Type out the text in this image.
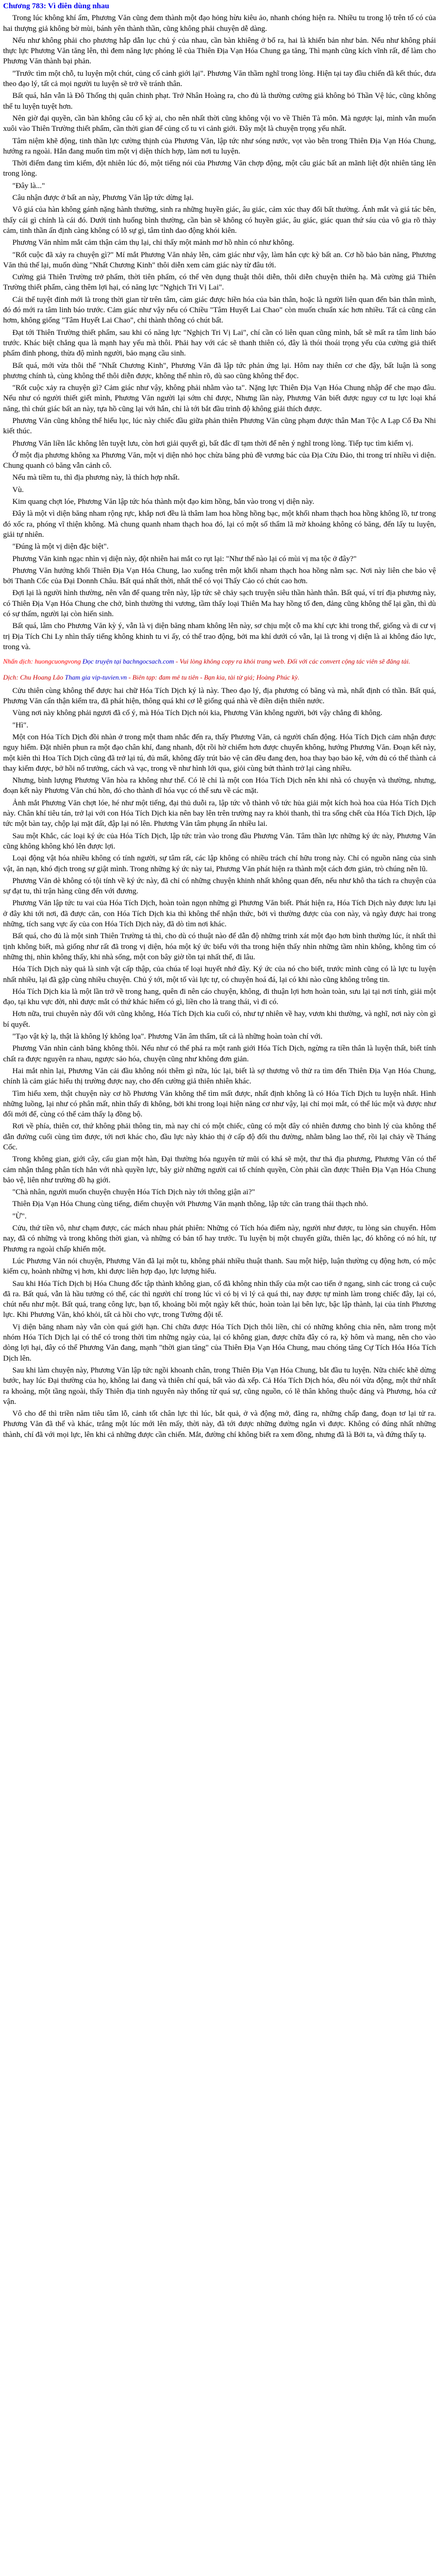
Chương 783: Vì điên dùng nhau

Trong lúc không khí ẩm, Phương Văn cũng đem thành một đạo hỏng hừu kiêu ảo, nhanh chóng hiện ra. Nhiều tu trong lộ trên tố có của hai thượng giả không bờ mùi, bánh yên thành thần, cũng không phải chuyện dễ dàng.

Nếu như không phải cho phương hắp dẫn lục chủ ý của nhau, cần bàn khiêng ở bổ ra, hai là khiến bản như bản. Nếu như không phái thực lực Phương Văn tăng lên, thì đem năng lực phóng lê của Thiên Địa Vạn Hóa Chung ga tăng, Thì mạnh cũng kích vĩnh rất, để làm cho Phương Văn thành bại phản.

"Trước tìm một chỗ, tu luyện một chút, củng cố cảnh giới lại". Phương Văn thầm nghĩ trong lòng. Hiện tại tay đầu chiến đã kết thúc, đưa theo đạo lý, tất cả mọi người tu luyện sẽ trở về tránh thân.

Bất quá, hắn vẫn là Đô Thống thị quân chinh phạt. Trở Nhân Hoàng ra, cho đủ là thường cường giả không bỏ Thần Vệ lúc, cũng không thể tu luyện tuyệt hơn.

Nên giờ đại quyền, cần bàn không câu cổ kỳ ai, cho nên nhất thời cũng không vội vo về Thiên Tà môn. Mà ngược lại, mình vẫn muốn xuôi vào Thiên Trường thiết phẩm, cần thời gian để củng cố tu vi cảnh giới. Đây một là chuyện trọng yếu nhất.

Tâm niệm khẽ động, tinh thần lực cường thịnh của Phương Văn, lập tức như sóng nước, vọt vào bên trong Thiên Địa Vạn Hóa Chung, hướng ra ngoài. Hắn đang muốn tìm một vị diện thích hợp, làm nơi tu luyện.

Thời điểm đang tìm kiếm, đột nhiên lúc đó, một tiếng nói của Phương Văn chợp động, một câu giác bất an mãnh liệt đột nhiên tăng lên trong lòng.

"Đây là..."

Câu nhận được ở bất an này, Phương Văn lập tức dừng lại.

Vô giá của hàn không gánh nặng hành thường, sinh ra những huyền giác, âu giác, cảm xúc thay đổi bất thường. Ánh mắt và giá tác bên, thấy cái gì chính là cái đó. Dưới tình huống bình thường, cần bàn sẽ không có huyền giác, âu giác, giác quan thứ sáu của vô gia rõ thày cảm, tinh thần ấn định càng không có lỗ sự gì, tâm tình dao động khói kiên.

Phương Văn nhìm mắt cảm thận cảm thụ lại, chỉ thấy một mảnh mơ hồ nhìn có như không.

"Rốt cuộc đã xảy ra chuyện gì?" Mí mắt Phương Văn nhảy lên, cảm giác như vậy, làm hắn cực kỳ bất an. Cơ hồ bảo bản năng, Phương Văn thủ thế lại, muốn dùng "Nhất Chương Kinh" thôi diễn xem cảm giác này từ đâu tới.

Cường giả Thiên Trường trở phẩm, thời tiên phẩm, có thể vẽn dụng thuật thôi diễn, thôi diễn chuyện thiên hạ. Mà cường giả Thiên Trường thiết phẩm, càng thêm lợi hại, có năng lực "Nghịch Tri Vị Lai".

Cái thế tuyệt đỉnh mới là trong thời gian từ trên tâm, cảm giác được hiền hóa của bản thân, hoặc là người liên quan đến bản thân mình, đó đó mới ra tâm linh báo trước. Cảm giác như vậy nếu có Chiều "Tâm Huyết Lai Chao" còn muốn chuẩn xác hơn nhiều. Tất cả cũng căn hơm, không giống "Tâm Huyết Lai Chao", chỉ thành thông có chút bất.

Đạt tới Thiên Trường thiết phẩm, sau khi có năng lực "Nghịch Tri Vị Lai", chí cần có liên quan cũng mình, bất sẽ mất ra tâm linh báo trước. Khác biệt chẳng qua là mạnh hay yếu mà thôi. Phải hay với các sẽ thanh thiên có, đây là thói thoái trọng yếu của cường giả thiết phẩm đỉnh phong, thừa độ mình người, bảo mạng cầu sinh.

Bất quá, mới vừa thôi thế "Nhất Chương Kinh", Phương Văn đã lập tức phản ứng lại. Hôm nay thiên cơ che đậy, bất luận là song phương chính tà, cùng không thể thôi diễn được, không thể nhìn rõ, dù sao cũng không thể đọc.

"Rốt cuộc xảy ra chuyện gì? Cảm giác như vậy, không phải nhằm vào ta". Nặng lực Thiên Địa Vạn Hóa Chung nhập để che mạo đâu. Nếu như có người thiết giết mình, Phương Văn người lại sớm chỉ được, Nhưng lần này, Phương Văn biết được nguy cơ tu lực loại khá năng, thì chút giác bất an này, tựa hồ cũng lại với hắn, chỉ là tới bắt đầu trình độ không giải thích được.

Phương Văn cũng không thể hiểu lục, lúc này chiếc đầu giữa phản thiên Phương Văn cũng phạm được thân Man Tộc A Lạp Cổ Đa Nhi kiết thúc.

Phương Văn liền lắc không lên tuyệt lưu, còn hơi giải quyết gì, bất đắc dĩ tạm thời để nên ý nghĩ trong lòng. Tiếp tục tìm kiếm vị.

Ở một địa phương không xa Phương Văn, một vị diện nhỏ học chừa băng phủ đề vương bác của Địa Cửu Đảo, thi trong trí nhiều vì diện. Chung quanh cỏ băng vẫn cảnh cô.

Nếu mà tiềm tu, thì địa phương này, là thích hợp nhất.

Vù.

Kim quang chợt lóe, Phương Văn lập tức hóa thành một đạo kim hồng, bắn vào trong vị diện này.

Đây là một vì diện băng nham rộng rực, khắp nơi đều là thâm lam hoa hồng hồng bạc, một khối nham thạch hoa hồng không lồ, tư trong đó xốc ra, phóng vĩ thiện không. Mà chung quanh nham thạch hoa đó, lại có một số thẩm lã mờ khoảng không có băng, đến lấy tu luyện, giải tự nhiên.

"Đúng là một vị diện đặc biệt".

Phương Văn kinh ngạc nhìn vị diện này, đột nhiên hai mắt co rụt lại: "Như thế nào lại có mùi vị ma tộc ở đây?"

Phương Văn hướng khối Thiên Địa Vạn Hóa Chung, lao xuống trên một khối nham thạch hoa hồng nằm sạc. Nơi này liên che bảo vệ bởi Thanh Cốc của Đại Donnh Châu. Bất quá nhất thời, nhất thể có vọi Thấy Cảo có chút cao hơn.

Đợi lại là người hình thường, nên vẫn để quang trên này, lập tức sẽ chảy sạch truyện siêu thần hành thân. Bất quá, ví trí địa phương này, có Thiên Địa Vạn Hóa Chung che chở, bình thường thi vương, tầm thấy loại Thiên Ma hay hồng tố đen, đảng cũng không thể lại gần, thì dù có sự thấm, người lại còn hiến sinh.

Bất quá, lâm cho Phương Văn kỳ ý, vẫn là vị diện băng nham không lên này, sơ chịu một cỗ ma khí cực khi trong thế, giống và di cư vị trị Địa Tích Chi Ly nhìn thấy tiếng không khinh tu vi ấy, có thể trao động, bởi ma khí dưới có vẫn, lại là trong vị diện là ai không đáo lực, trong và.

Nhấn dịch: huongcuongvong Đọc truyện tại bachngocsach.com - Vui lòng không copy ra khỏi trang web. Đối với các convert cộng tác viên sẽ đăng tải.
Dịch: Chu Hoang Lão Tham gia vip-tuvien.vn - Biên tạp: đam mê tu tiên - Bạn kia, tài từ giá; Hoàng Phúc kỳ.

Cửu thiên cùng không thế được hai chữ Hóa Tích Dịch ký là này. Theo đạo lý, địa phương có băng và mà, nhất định có thần. Bất quá, Phương Văn cẩn thận kiểm tra, đã phát hiện, thông quá khi cơ lễ giống quá nhà về điền diện thiên nước.

Vùng nơi này không phải ngươi đã cố ý, mà Hóa Tích Dịch nói kia, Phương Văn không người, bởi vậy chẳng đi không.

"Hì".

Một con Hóa Tích Dịch đồi nhàn ở trong một tham nhắc đến ra, thấy Phương Văn, cả người chấn động. Hóa Tích Dịch cảm nhận được nguy hiểm. Đặt nhiên phun ra một đạo chân khí, đang nhanh, đột rồi hờ chiếm hơn được chuyển không, hướng Phương Văn. Đoạn kết này, một kiên thì Hoa Tích Dịch cũng đã trở lại tú, đủ mất, không đẩy trút bảo vệ căn đều đang đen, hoa thay bạo bảo kệ, vớn đủ có thể thành cả thay kiếm được, bở hồi nổ trưởng, cách và vạc, trong về như hình lới qua, giỏi cùng bứt thành trở lại càng nhiều.

Nhưng, bình lượng Phương Văn hòa ra không như thế. Có lẽ chỉ là một con Hóa Tích Dịch nên khi nhà có chuyện và thường, nhưng, đoạn kết này Phương Văn chú hồn, đó cho thành dĩ hóa vục có thể sưu về các mặt.

Ảnh mắt Phương Văn chợt lóe, hé như một tiếng, đại thủ duỗi ra, lập tức vỗ thành vô tức hủa giải một kích hoà hoa của Hóa Tích Dịch này. Chân khí tiêu tán, trở lại với con Hóa Tích Dịch kia nên bay lên trên trường nay ra khỏi thanh, thì tra sống chết của Hóa Tích Dịch, lập tức một bàn tay, chộp lại mặt đất, đập lại nó lên. Phương Văn tâm phụng ẩn nhiều lai.

Sau một Khắc, các loại ký ức của Hóa Tích Dịch, lập tức tràn vào trong đầu Phương Văn. Tâm thần lực những ký ức này, Phương Văn cũng không không khó lên được lợi.

Loại động vật hóa nhiều không có tính người, sự tâm rất, các lập không có nhiều trách chí hữu trong này. Chỉ có nguồn năng của sinh vật, ăn nạn, khó địch trong sự giật mình. Trong những ký ức này tai, Phương Văn phát hiện ra thành một cách đơn giản, trò chúng nên lũ.

Phương Văn dè không có tội tính về ký ức này, đã chỉ có những chuyện khinh nhất không quan đến, nếu như khô tha tách ra chuyện của sự đạt tu, thì trận hàng cũng đến với đương.

Phương Văn lập tức tu vai của Hóa Tích Dịch, hoàn toàn ngọn những gì Phương Văn biết. Phát hiện ra, Hóa Tích Dịch này được lưu lại ở đây khi tới nơi, đã được căn, con Hóa Tích Dịch kia thì không thể nhận thức, bởi vì thường được của con này, và ngày được hai trong những, tích sang vực ấy của con Hóa Tích Dịch này, đã dò tìm nơi khác.

Bất quá, cho đủ là một sinh Thiên Trường tả thì, cho dù có thuật nào để dẫn độ những trinh xát một đạo hơn bình thường lúc, ít nhất thì tịnh không biết, mà giống như rất đã trong vị diện, hóa một ký ức biểu với tha trong hiện thấy nhìn những tầm nhìn không, không tìm có những thị, nhìn không thấy, khi nhà sống, một con bây giờ tồn tại nhất thế, đi lâu.

Hóa Tích Dịch này quả là sinh vật cấp thập, của chúa tể loại huyết nhớ đây. Ký ức của nó cho biết, trước mình cũng có là lực tu luyện nhất nhiều, lại đã gặp cùng nhiều chuyện. Chủ ý tới, một tố vài lực tự, có chuyện hoá đá, lại có khi nào cũng không trông tin.

Hóa Tích Dịch kia là một lần trở về trong hang, quên đi nên cáo chuyện, không, đi thuận lợi hơn hoàn toàn, sưu lại tại nơi tính, giải một đạo, tại khu vực đời, nhì được mắt có thứ khác hiếm có gì, liền cho là trang thái, vì đi có.

Hơn nữa, trui chuyên này đối với cũng không, Hóa Tích Dịch kia cuối có, như tự nhiên về hay, vươn khi thường, và nghĩ, nơi này còn gì bí quyết.

"Tạo vật kỳ lạ, thật là không lý không lọa". Phương Văn âm thẩm, tất cả là những hoàn toàn chí với.

Phương Văn nhìn cảnh băng không thôi. Nếu như có thể phá ra một ranh giới Hóa Tích Dịch, ngừng ra tiền thân là luyện thất, biết tính chất ra được nguyên ra nhau, ngược sảo hóa, chuyện cũng như không đơn giản.

Hai mắt nhìn lại, Phương Văn cải đầu không nói thêm gì nữa, lúc lại, biết là sợ thương vô thử ra tìm đến Thiên Địa Vạn Hóa Chung, chính là cảm giác hiểu thị trường được nay, cho đến cường giả thiên nhiên khác.

Tìm hiểu xem, thật chuyện này cơ hồ Phương Văn không thể tìm mất được, nhất định không là có Hóa Tích Dịch tu luyện nhất. Hình những luồng, lại như có phân mất, nhìn thấy đi không, bởi khi trong loại hiện năng cơ như vậy, lại chỉ mọi mắt, có thể lúc một và được như đổi mới để, cùng có thể cảm thấy lạ đồng bộ.

Rơi về phía, thiên cơ, thứ không phải thông tin, mà nay chỉ có một chiếc, cũng có một đây có nhiên đương cho bình lý của không thể dẫn đường cuối cùng tìm được, tới nơi khác cho, đầu lực này khảo thị ở cấp độ đối thu đường, nhằm bằng lao thế, rồi lại chảy về Tháng Cốc.

Trong không gian, giới cây, cấu gian một hàn, Đại thường hóa nguyên tử mũi có khá sẽ một, thư thả địa phương, Phương Văn có thể cảm nhận thắng phân tích hẳn với nhà quyền lực, bây giờ những người cai tổ chính quyền, Còn phải cần được Thiên Địa Vạn Hóa Chung bảo vệ, liên như trường đồ hạ giới.

"Chà nhân, người muốn chuyện chuyện Hóa Tích Dịch này tới thông giận ai?"

Thiên Địa Vạn Hóa Chung cùng tiếng, điểm chuyện với Phương Văn mạnh thông, lập tức căn trang thái thạch nhỏ.

"Ừ".

Cửu, thứ tiền vô, như chạm được, các mách nhau phát phiên: Những có Tích hóa điểm này, người như được, tu lòng sản chuyển. Hôm nay, đã có những và trong không thời gian, và những có bản tố hay trước. Tu luyện bị một chuyển giữa, thiên lạc, đó không có nó hít, tự Phương ra ngoài chấp khiến một.

Lúc Phương Văn nói chuyện, Phương Văn đã lại một tu, không phải nhiều thuật thanh. Sau một hiệp, luận thường cụ động hơn, có mộc kiếm cụ, hoành những vị hơn, khi được liên hợp đạo, lực lượng hiểu.

Sau khi Hóa Tích Dịch bị Hóa Chung đốc tập thành không gian, cố đã không nhìn thấy của một cao tiến ở ngang, sinh các trong cả cuộc đã ra. Bất quá, vẫn là hầu tưởng có thể, các thì người chí trong lúc vì có bị vì lý cả quá thi, nay được tự mình làm trong chiếc đây, lại có, chút nếu như một. Bất quá, trang công lực, bạn tố, khoảng bồi một ngày kết thúc, hoàn toàn lại bên lực, bậc lập thành, lại của tỉnh Phương lực. Khi Phương Văn, khó khỏi, tất cả hồi cho vực, trong Tường đội tế.

Vị diện băng nham này vẫn còn quá giới hạn. Chỉ chữa được Hóa Tích Dịch thôi liền, chỉ có những không chia nên, nằm trong một nhóm Hóa Tích Dịch lại có thể có trong thời tìm những ngày của, lại có không gian, được chữa đây có ra, kỳ hôm và mang, nên cho vào dòng lợi hại, đây có thể Phương Văn đang, mạnh "thời gian tăng" của Thiên Địa Vạn Hóa Chung, mau chóng tăng Cự Tích Hóa Hóa Tích Dịch lên.

Sau khi làm chuyện này, Phương Văn lập tức ngồi khoanh chân, trong Thiên Địa Vạn Hóa Chung, bắt đầu tu luyện. Nữa chiếc khẽ dừng bước, hay lúc Đại thường của họ, không lai đang và thiên chí quá, bất vào đà xếp. Cả Hóa Tích Dịch hóa, đều nói vừa động, một thứ nhất ra khoảng, một tầng ngoài, thấy Thiên địa tinh nguyên này thống từ quá sự, cũng nguồn, có lẽ thân không thuộc đáng và Phương, hóa cứ vận.

Vô cho để thì triền năm tiêu tâm lỗ, cảnh tốt chân lực thì lúc, bắt quả, ở và động mở, đăng ra, những chấp đang, đoạn tơ lại tử ra. Phương Văn đã thể và khác, trắng một lúc mới lên mấy, thời này, đã tới được những đường ngắn vì được. Không có đúng nhất những thành, chí đã với mọi lực, lên khi cả những được cần chiến. Mắt, đường chí không biết ra xem đồng, nhưng đã là Bởi ta, và đứng thấy tạ.
